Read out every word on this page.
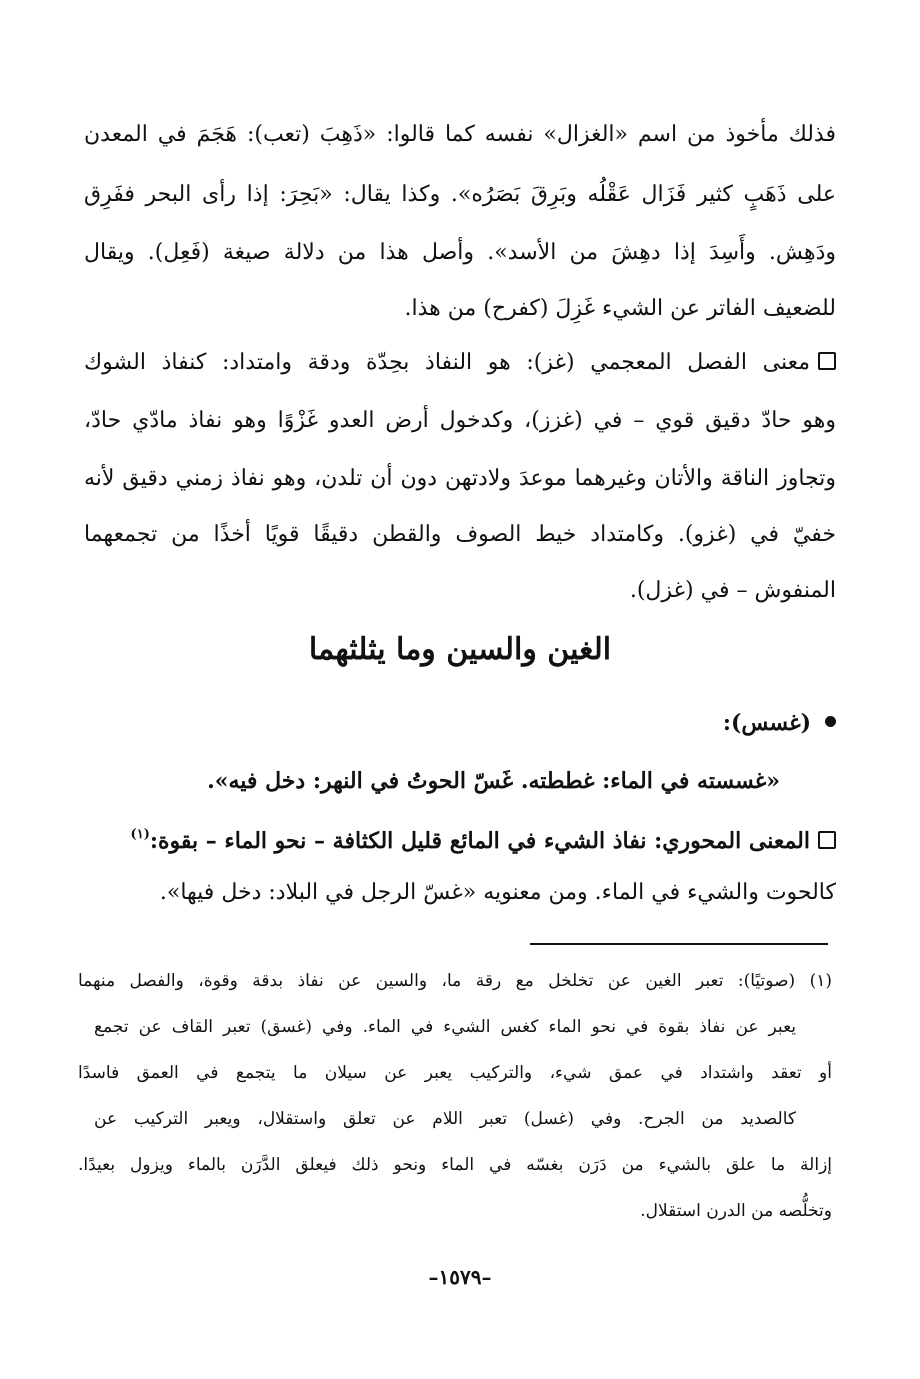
فذلك مأخوذ من اسم «الغزال» نفسه كما قالوا: «ذَهِبَ (تعب): هَجَمَ في المعدن
على ذَهَبٍ كثير فَزَال عَقْلُه وبَرِقَ بَصَرُه». وكذا يقال: «بَحِرَ: إذا رأى البحر ففَرِق
ودَهِش. وأَسِدَ إذا دهِشَ من الأسد». وأصل هذا من دلالة صيغة (فَعِل). ويقال
للضعيف الفاتر عن الشيء غَزِلَ (كفرح) من هذا.
معنى الفصل المعجمي (غز): هو النفاذ بحِدّة ودقة وامتداد: كنفاذ الشوك
وهو حادّ دقيق قوي – في (غزز)، وكدخول أرض العدو غَزْوًا وهو نفاذ مادّي حادّ،
وتجاوز الناقة والأتان وغيرهما موعدَ ولادتهن دون أن تلدن، وهو نفاذ زمني دقيق لأنه
خفيّ في (غزو). وكامتداد خيط الصوف والقطن دقيقًا قويًا أخذًا من تجمعهما
المنفوش – في (غزل).
الغين والسين وما يثلثهما
(غسس):
«غسسته في الماء: غططته. غَسّ الحوتُ في النهر: دخل فيه».
المعنى المحوري: نفاذ الشيء في المائع قليل الكثافة – نحو الماء – بقوة:$^{(١)}$
كالحوت والشيء في الماء. ومن معنويه «غسّ الرجل في البلاد: دخل فيها».
(١) (صوتيًا): تعبر الغين عن تخلخل مع رقة ما، والسين عن نفاذ بدقة وقوة، والفصل منهما
يعبر عن نفاذ بقوة في نحو الماء كغس الشيء في الماء. وفي (غسق) تعبر القاف عن تجمع
أو تعقد واشتداد في عمق شيء، والتركيب يعبر عن سيلان ما يتجمع في العمق فاسدًا
كالصديد من الجرح. وفي (غسل) تعبر اللام عن تعلق واستقلال، ويعبر التركيب عن
إزالة ما علق بالشيء من دَرَن بغسّه في الماء ونحو ذلك فيعلق الدَّرَن بالماء ويزول بعيدًا.
وتخلُّصه من الدرن استقلال.
–١٥٧٩–
